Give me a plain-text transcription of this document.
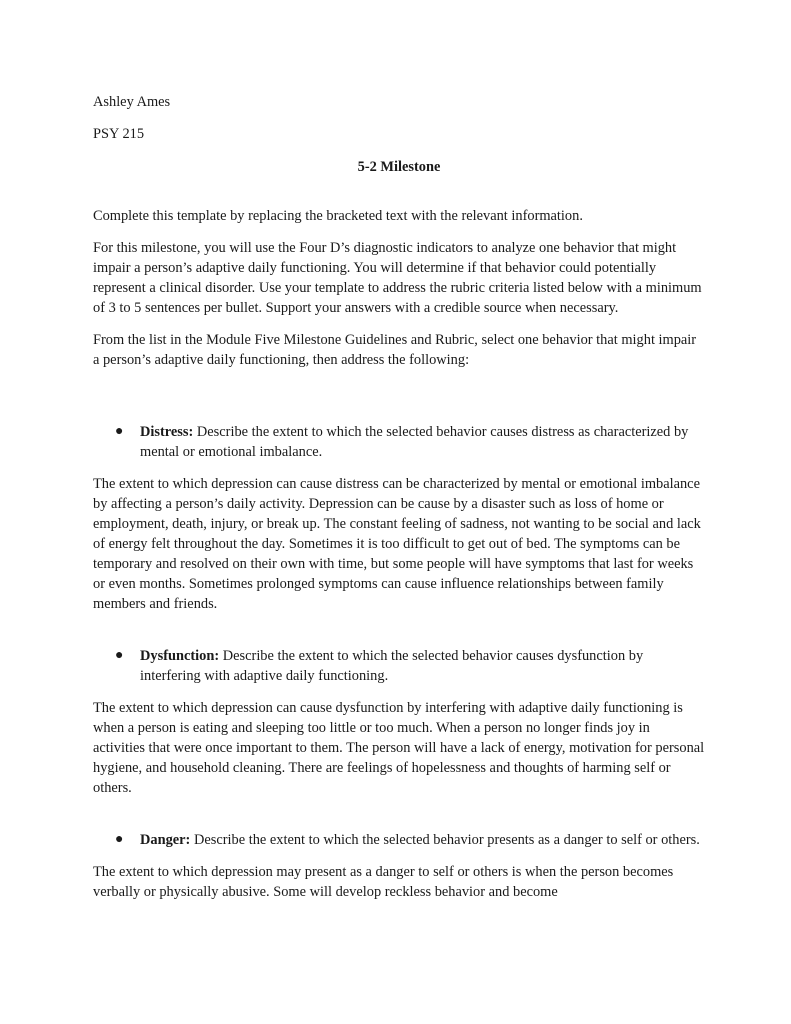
Ashley Ames

PSY 215

5-2 Milestone

Complete this template by replacing the bracketed text with the relevant information.

For this milestone, you will use the Four D’s diagnostic indicators to analyze one behavior that might impair a person’s adaptive daily functioning. You will determine if that behavior could potentially represent a clinical disorder. Use your template to address the rubric criteria listed below with a minimum of 3 to 5 sentences per bullet. Support your answers with a credible source when necessary.

From the list in the Module Five Milestone Guidelines and Rubric, select one behavior that might impair a person’s adaptive daily functioning, then address the following:

● Distress: Describe the extent to which the selected behavior causes distress as characterized by mental or emotional imbalance.

The extent to which depression can cause distress can be characterized by mental or emotional imbalance by affecting a person’s daily activity. Depression can be cause by a disaster such as loss of home or employment, death, injury, or break up. The constant feeling of sadness, not wanting to be social and lack of energy felt throughout the day. Sometimes it is too difficult to get out of bed. The symptoms can be temporary and resolved on their own with time, but some people will have symptoms that last for weeks or even months. Sometimes prolonged symptoms can cause influence relationships between family members and friends.

● Dysfunction: Describe the extent to which the selected behavior causes dysfunction by interfering with adaptive daily functioning.

The extent to which depression can cause dysfunction by interfering with adaptive daily functioning is when a person is eating and sleeping too little or too much. When a person no longer finds joy in activities that were once important to them. The person will have a lack of energy, motivation for personal hygiene, and household cleaning. There are feelings of hopelessness and thoughts of harming self or others.

● Danger: Describe the extent to which the selected behavior presents as a danger to self or others.

The extent to which depression may present as a danger to self or others is when the person becomes verbally or physically abusive. Some will develop reckless behavior and become
